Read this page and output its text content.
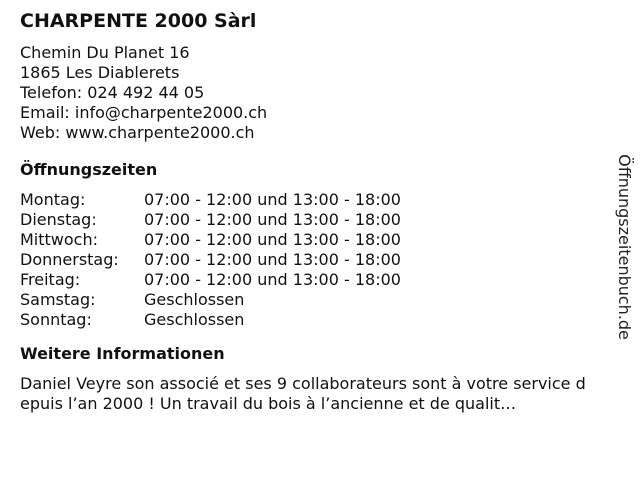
CHARPENTE 2000 Sàrl
Chemin Du Planet 16
1865 Les Diablerets
Telefon: 024 492 44 05
Email: info@charpente2000.ch
Web: www.charpente2000.ch
Öffnungszeiten
Montag:	07:00 - 12:00 und 13:00 - 18:00
Dienstag:	07:00 - 12:00 und 13:00 - 18:00
Mittwoch:	07:00 - 12:00 und 13:00 - 18:00
Donnerstag:	07:00 - 12:00 und 13:00 - 18:00
Freitag:	07:00 - 12:00 und 13:00 - 18:00
Samstag:	Geschlossen
Sonntag:	Geschlossen
Weitere Informationen
Daniel Veyre son associé et ses 9 collaborateurs sont à votre service depuis l’an 2000 ! Un travail du bois à l’ancienne et de qualit…
Öffnungszeitenbuch.de
